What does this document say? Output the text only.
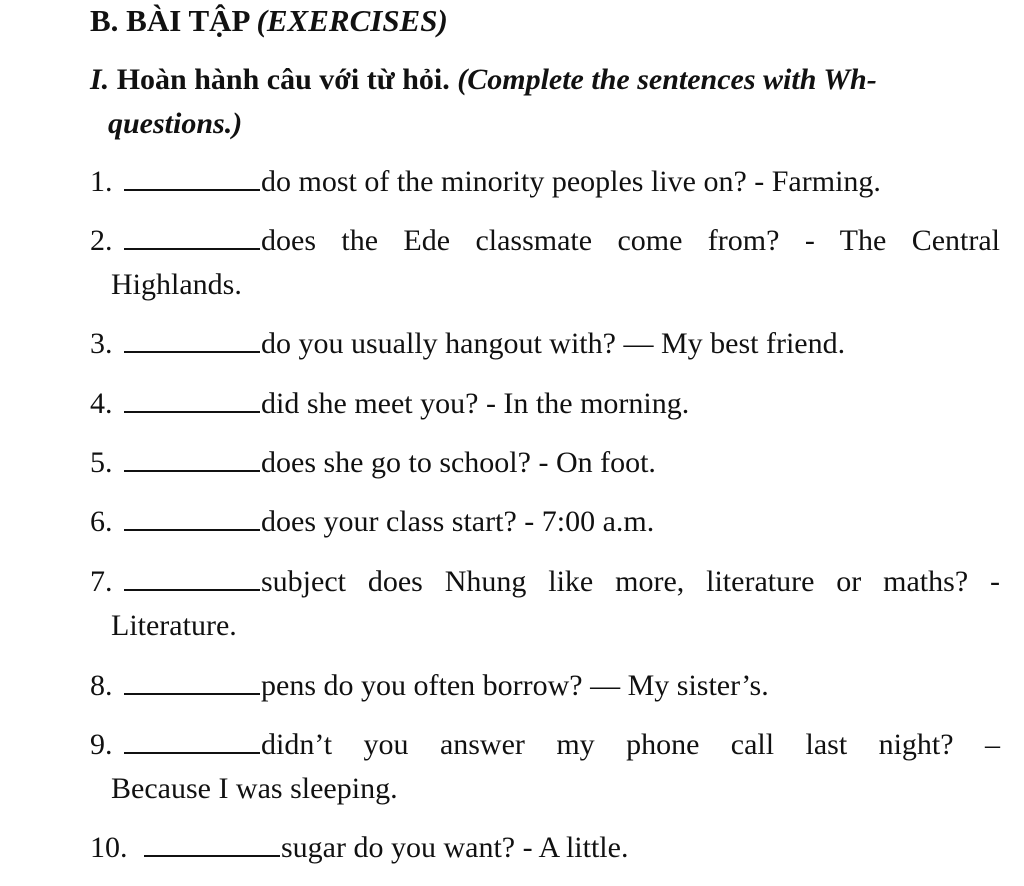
B. BÀI TẬP (EXERCISES)
I. Hoàn hành câu với từ hỏi. (Complete the sentences with Wh-
questions.)
1.	do most of the minority peoples live on? - Farming.
2.	does the Ede classmate come from? - The Central
Highlands.
3.	do you usually hangout with? — My best friend.
4.	did she meet you? - In the morning.
5.	does she go to school? - On foot.
6.	does your class start? - 7:00 a.m.
7.	subject does Nhung like more, literature or maths? -
Literature.
8.	pens do you often borrow? — My sister’s.
9.	didn’t you answer my phone call last night? –
Because I was sleeping.
10.	sugar do you want? - A little.
